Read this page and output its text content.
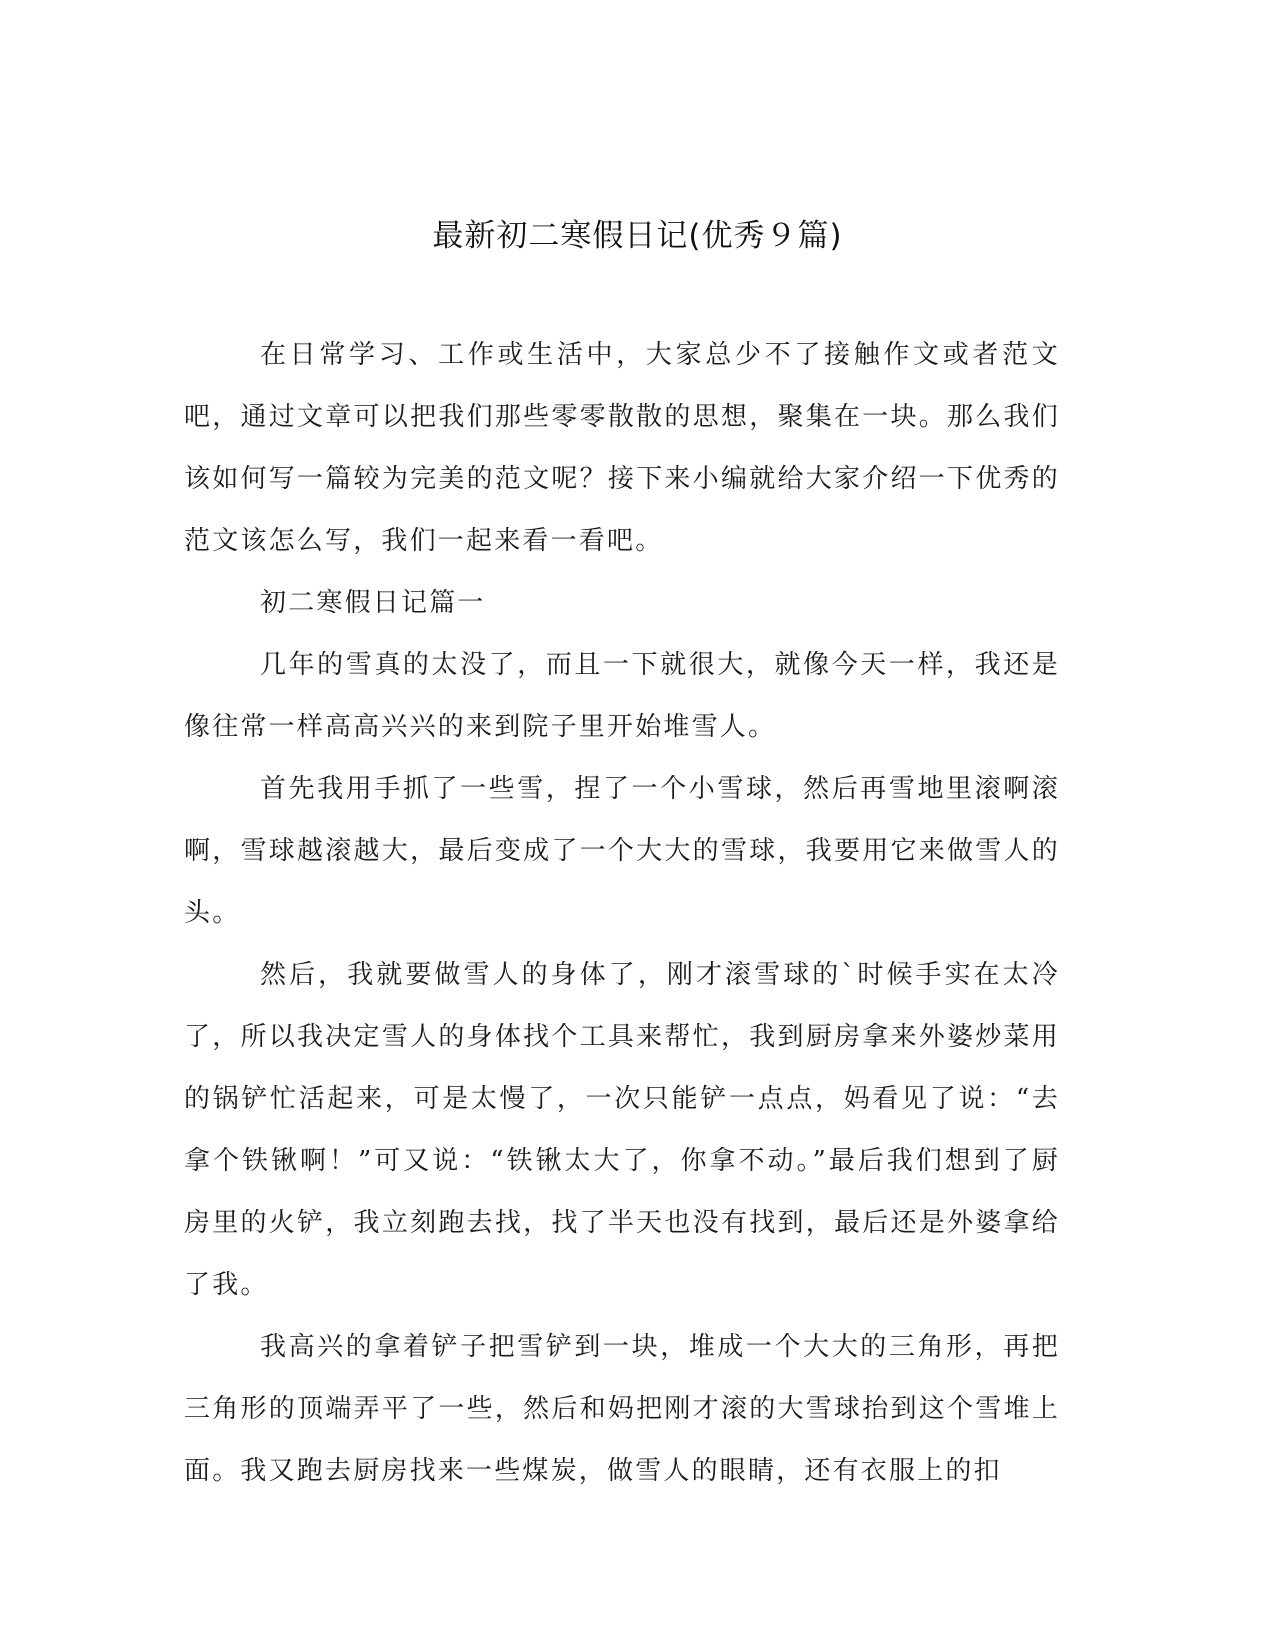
最新初二寒假日记(优秀９篇)

在日常学习、工作或生活中，大家总少不了接触作文或者范文吧，通过文章可以把我们那些零零散散的思想，聚集在一块。那么我们该如何写一篇较为完美的范文呢？接下来小编就给大家介绍一下优秀的范文该怎么写，我们一起来看一看吧。

初二寒假日记篇一

几年的雪真的太没了，而且一下就很大，就像今天一样，我还是像往常一样高高兴兴的来到院子里开始堆雪人。

首先我用手抓了一些雪，捏了一个小雪球，然后再雪地里滚啊滚啊，雪球越滚越大，最后变成了一个大大的雪球，我要用它来做雪人的头。

然后，我就要做雪人的身体了，刚才滚雪球的`时候手实在太冷了，所以我决定雪人的身体找个工具来帮忙，我到厨房拿来外婆炒菜用的锅铲忙活起来，可是太慢了，一次只能铲一点点，妈看见了说：“去拿个铁锹啊！”可又说：“铁锹太大了，你拿不动。”最后我们想到了厨房里的火铲，我立刻跑去找，找了半天也没有找到，最后还是外婆拿给了我。

我高兴的拿着铲子把雪铲到一块，堆成一个大大的三角形，再把三角形的顶端弄平了一些，然后和妈把刚才滚的大雪球抬到这个雪堆上面。我又跑去厨房找来一些煤炭，做雪人的眼睛，还有衣服上的扣
